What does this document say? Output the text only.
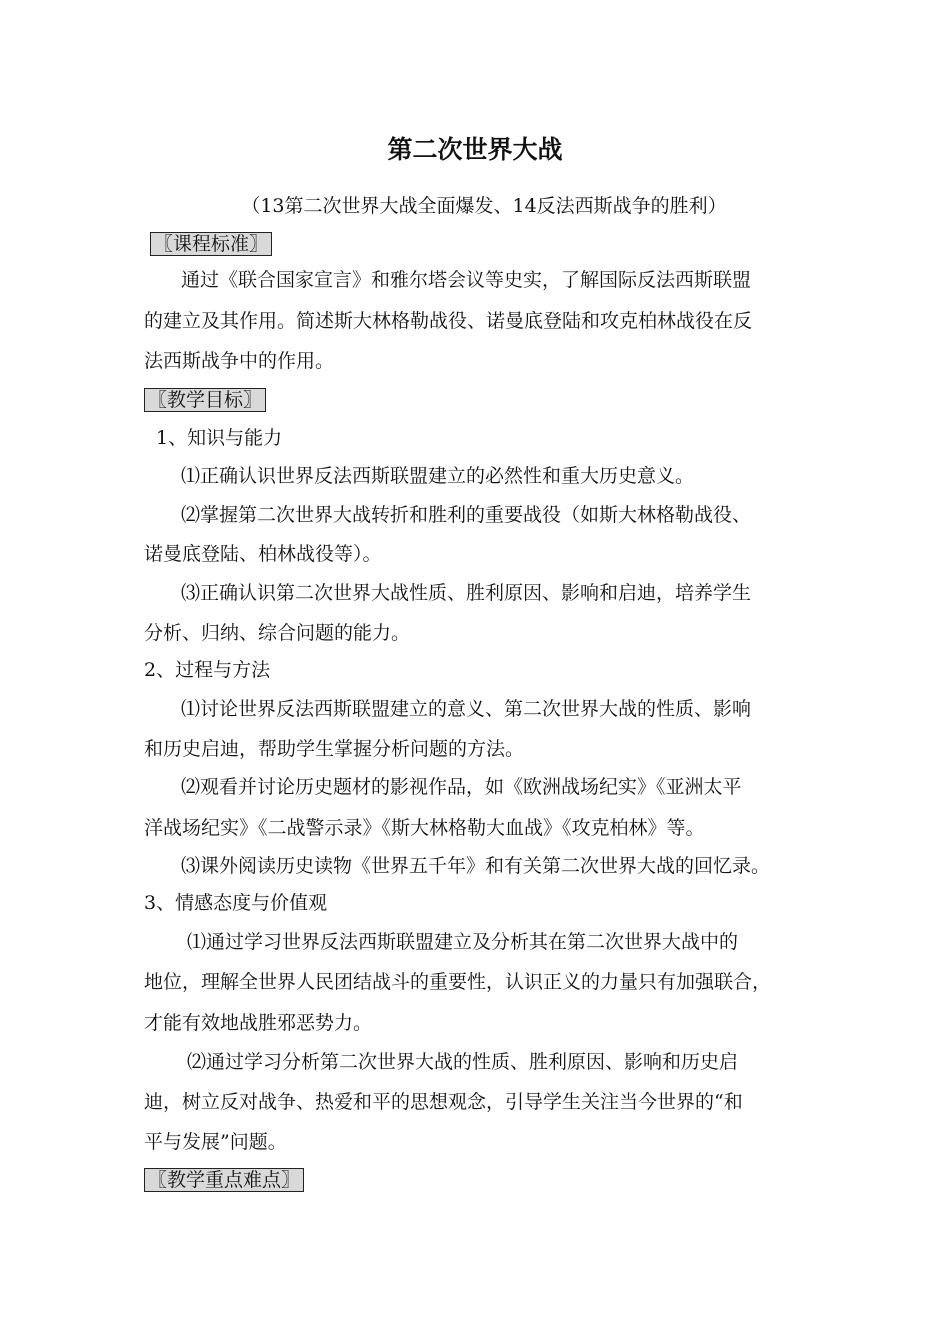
第二次世界大战
（13第二次世界大战全面爆发、14反法西斯战争的胜利）
〖课程标准〗
通过《联合国家宣言》和雅尔塔会议等史实，了解国际反法西斯联盟
的建立及其作用。简述斯大林格勒战役、诺曼底登陆和攻克柏林战役在反
法西斯战争中的作用。
〖教学目标〗
1、知识与能力
⑴正确认识世界反法西斯联盟建立的必然性和重大历史意义。
⑵掌握第二次世界大战转折和胜利的重要战役（如斯大林格勒战役、
诺曼底登陆、柏林战役等）。
⑶正确认识第二次世界大战性质、胜利原因、影响和启迪，培养学生
分析、归纳、综合问题的能力。
2、过程与方法
⑴讨论世界反法西斯联盟建立的意义、第二次世界大战的性质、影响
和历史启迪，帮助学生掌握分析问题的方法。
⑵观看并讨论历史题材的影视作品，如《欧洲战场纪实》《亚洲太平
洋战场纪实》《二战警示录》《斯大林格勒大血战》《攻克柏林》等。
⑶课外阅读历史读物《世界五千年》和有关第二次世界大战的回忆录。
3、情感态度与价值观
⑴通过学习世界反法西斯联盟建立及分析其在第二次世界大战中的
地位，理解全世界人民团结战斗的重要性，认识正义的力量只有加强联合，
才能有效地战胜邪恶势力。
⑵通过学习分析第二次世界大战的性质、胜利原因、影响和历史启
迪，树立反对战争、热爱和平的思想观念，引导学生关注当今世界的“和
平与发展”问题。
〖教学重点难点〗
